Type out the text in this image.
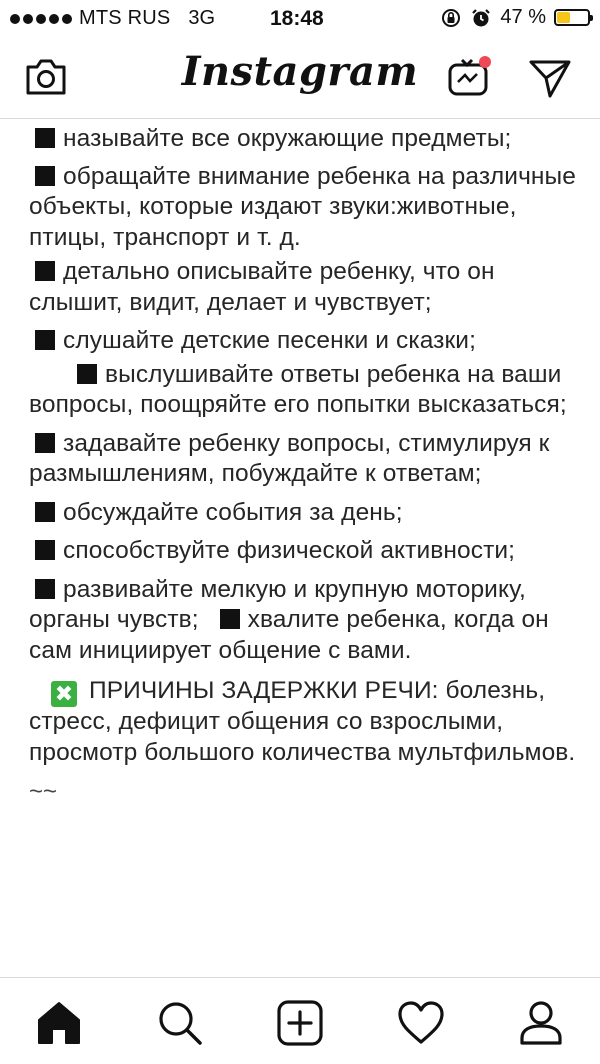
MTS RUS 3G	18:48	47 %
Instagram

называйте все окружающие предметы;

обращайте внимание ребенка на различные объекты, которые издают звуки:животные, птицы, транспорт и т. д.

детально описывайте ребенку, что он слышит, видит, делает и чувствует;

слушайте детские песенки и сказки;

выслушивайте ответы ребенка на ваши вопросы, поощряйте его попытки высказаться;

задавайте ребенку вопросы, стимулируя к размышлениям, побуждайте к ответам;

обсуждайте события за день;

способствуйте физической активности;

развивайте мелкую и крупную моторику, органы чувств; хвалите ребенка, когда он сам инициирует общение с вами.

✖ ПРИЧИНЫ ЗАДЕРЖКИ РЕЧИ: болезнь, стресс, дефицит общения со взрослыми, просмотр большого количества мультфильмов.

~~
